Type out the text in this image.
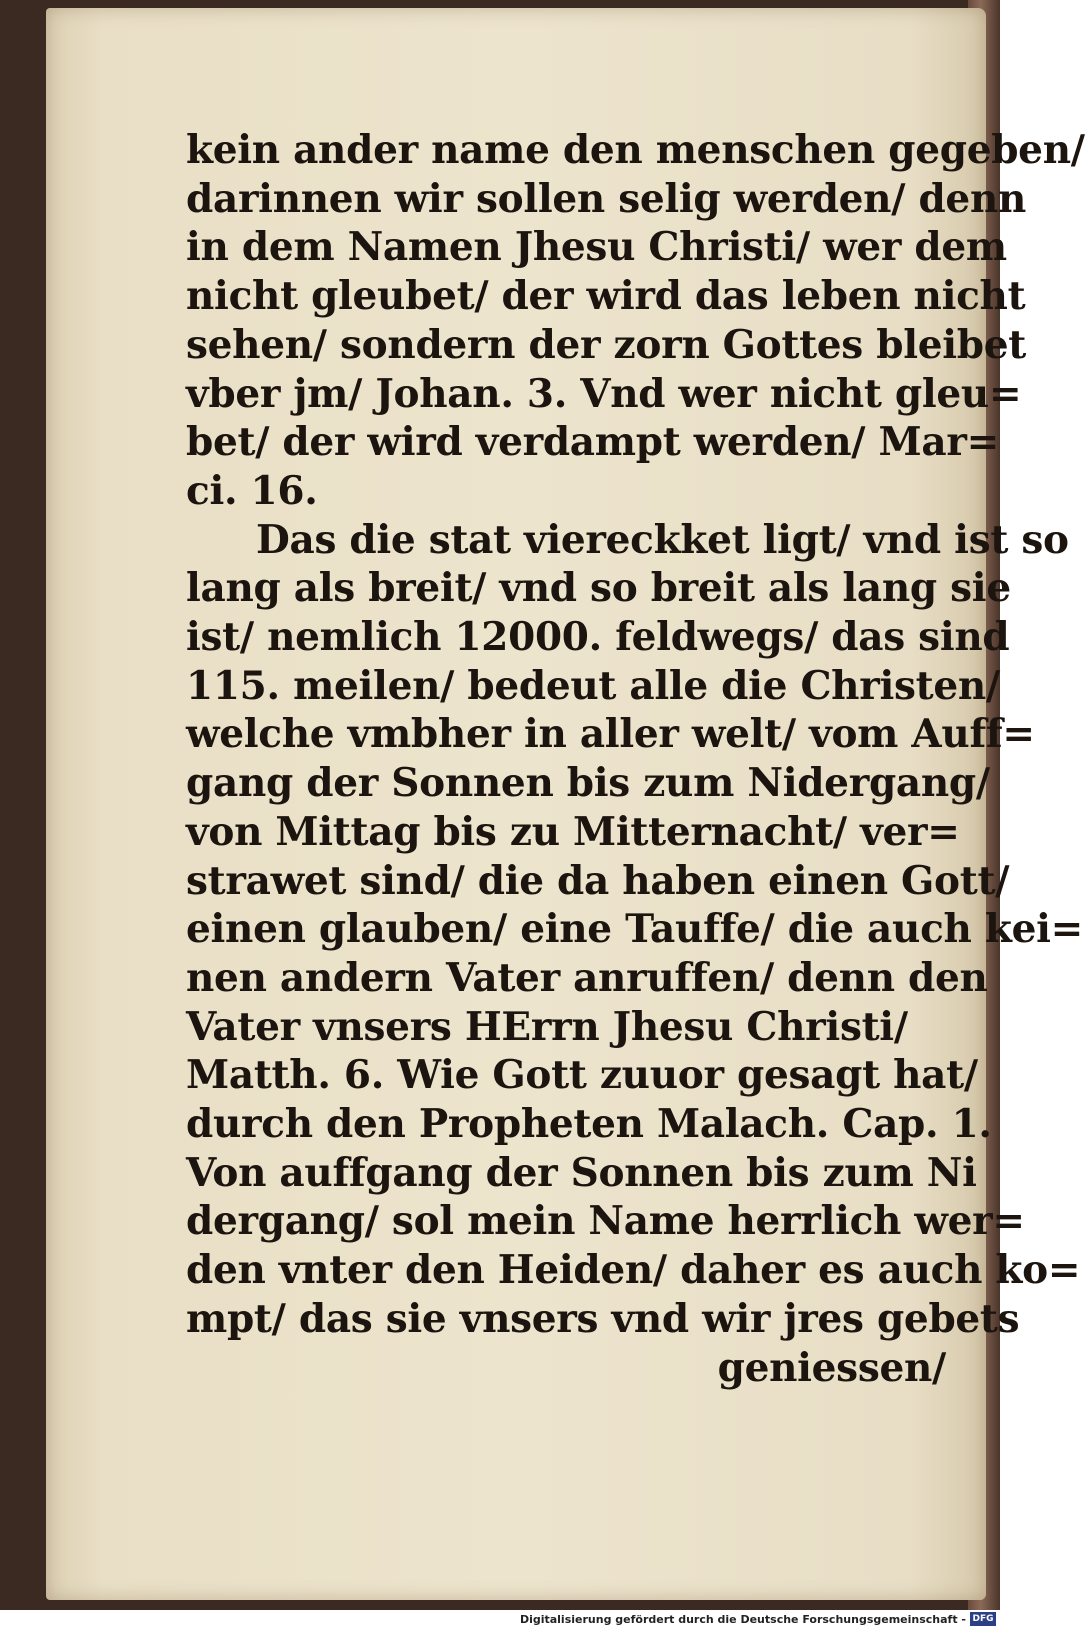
kein ander name den menschen gegeben/
darinnen wir sollen selig werden/ denn
in dem Namen Jhesu Christi/ wer dem
nicht gleubet/ der wird das leben nicht
sehen/ sondern der zorn Gottes bleibet
vber jm/ Johan. 3. Vnd wer nicht gleu=
bet/ der wird verdampt werden/ Mar=
ci. 16.
Das die stat viereckket ligt/ vnd ist so
lang als breit/ vnd so breit als lang sie
ist/ nemlich 12000. feldwegs/ das sind
115. meilen/ bedeut alle die Christen/
welche vmbher in aller welt/ vom Auff=
gang der Sonnen bis zum Nidergang/
von Mittag bis zu Mitternacht/ ver=
strawet sind/ die da haben einen Gott/
einen glauben/ eine Tauffe/ die auch kei=
nen andern Vater anruffen/ denn den
Vater vnsers HErrn Jhesu Christi/
Matth. 6. Wie Gott zuuor gesagt hat/
durch den Propheten Malach. Cap. 1.
Von auffgang der Sonnen bis zum Ni
dergang/ sol mein Name herrlich wer=
den vnter den Heiden/ daher es auch ko=
mpt/ das sie vnsers vnd wir jres gebets
geniessen/
Digitalisierung gefördert durch die Deutsche Forschungsgemeinschaft - DFG
